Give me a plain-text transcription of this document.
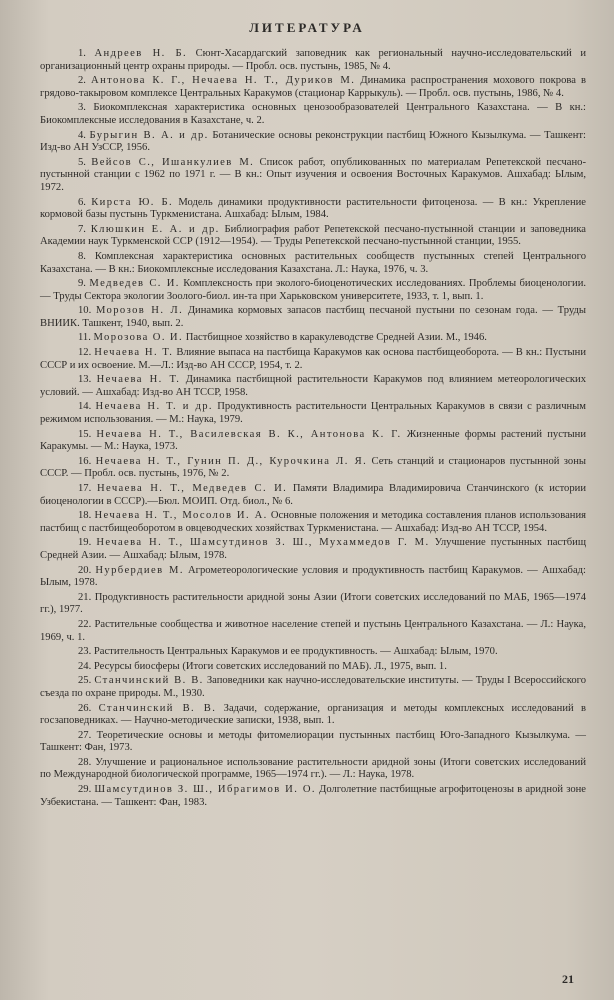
ЛИТЕРАТУРА
1. Андреев Н. Б. Сюнт-Хасардагский заповедник как региональный научно-исследовательский и организационный центр охраны природы. — Пробл. осв. пустынь, 1985, № 4.
2. Антонова К. Г., Нечаева Н. Т., Дуриков М. Динамика распространения мохового покрова в грядово-такыровом комплексе Центральных Каракумов (стационар Каррыкуль). — Пробл. осв. пустынь, 1986, № 4.
3. Биокомплексная характеристика основных ценозообразователей Центрального Казахстана. — В кн.: Биокомплексные исследования в Казахстане, ч. 2.
4. Бурыгин В. А. и др. Ботанические основы реконструкции пастбищ Южного Кызылкума. — Ташкент: Изд-во АН УзССР, 1956.
5. Вейсов С., Ишанкулиев М. Список работ, опубликованных по материалам Репетекской песчано-пустынной станции с 1962 по 1971 г. — В кн.: Опыт изучения и освоения Восточных Каракумов. Ашхабад: Ылым, 1972.
6. Кирста Ю. Б. Модель динамики продуктивности растительности фитоценоза. — В кн.: Укрепление кормовой базы пустынь Туркменистана. Ашхабад: Ылым, 1984.
7. Клюшкин Е. А. и др. Библиография работ Репетекской песчано-пустынной станции и заповедника Академии наук Туркменской ССР (1912—1954). — Труды Репетекской песчано-пустынной станции, 1955.
8. Комплексная характеристика основных растительных сообществ пустынных степей Центрального Казахстана. — В кн.: Биокомплексные исследования Казахстана. Л.: Наука, 1976, ч. 3.
9. Медведев С. И. Комплексность при эколого-биоценотических исследованиях. Проблемы биоценологии. — Труды Сектора экологии Зоолого-биол. ин-та при Харьковском университете, 1933, т. 1, вып. 1.
10. Морозов Н. Л. Динамика кормовых запасов пастбищ песчаной пустыни по сезонам года. — Труды ВНИИК. Ташкент, 1940, вып. 2.
11. Морозова О. И. Пастбищное хозяйство в каракулеводстве Средней Азии. М., 1946.
12. Нечаева Н. Т. Влияние выпаса на пастбища Каракумов как основа пастбищеоборота. — В кн.: Пустыни СССР и их освоение. М.—Л.: Изд-во АН СССР, 1954, т. 2.
13. Нечаева Н. Т. Динамика пастбищной растительности Каракумов под влиянием метеорологических условий. — Ашхабад: Изд-во АН ТССР, 1958.
14. Нечаева Н. Т. и др. Продуктивность растительности Центральных Каракумов в связи с различным режимом использования. — М.: Наука, 1979.
15. Нечаева Н. Т., Василевская В. К., Антонова К. Г. Жизненные формы растений пустыни Каракумы. — М.: Наука, 1973.
16. Нечаева Н. Т., Гунин П. Д., Курочкина Л. Я. Сеть станций и стационаров пустынной зоны СССР. — Пробл. осв. пустынь, 1976, № 2.
17. Нечаева Н. Т., Медведев С. И. Памяти Владимира Владимировича Станчинского (к истории биоценологии в СССР).—Бюл. МОИП. Отд. биол., № 6.
18. Нечаева Н. Т., Мосолов И. А. Основные положения и методика составления планов использования пастбищ с пастбищеоборотом в овцеводческих хозяйствах Туркменистана. — Ашхабад: Изд-во АН ТССР, 1954.
19. Нечаева Н. Т., Шамсутдинов З. Ш., Мухаммедов Г. М. Улучшение пустынных пастбищ Средней Азии. — Ашхабад: Ылым, 1978.
20. Нурбердиев М. Агрометеорологические условия и продуктивность пастбищ Каракумов. — Ашхабад: Ылым, 1978.
21. Продуктивность растительности аридной зоны Азии (Итоги советских исследований по МАБ, 1965—1974 гг.), 1977.
22. Растительные сообщества и животное население степей и пустынь Центрального Казахстана. — Л.: Наука, 1969, ч. 1.
23. Растительность Центральных Каракумов и ее продуктивность. — Ашхабад: Ылым, 1970.
24. Ресурсы биосферы (Итоги советских исследований по МАБ). Л., 1975, вып. 1.
25. Станчинский В. В. Заповедники как научно-исследовательские институты. — Труды I Всероссийского съезда по охране природы. М., 1930.
26. Станчинский В. В. Задачи, содержание, организация и методы комплексных исследований в госзаповедниках. — Научно-методические записки, 1938, вып. 1.
27. Теоретические основы и методы фитомелиорации пустынных пастбищ Юго-Западного Кызылкума. — Ташкент: Фан, 1973.
28. Улучшение и рациональное использование растительности аридной зоны (Итоги советских исследований по Международной биологической программе, 1965—1974 гг.). — Л.: Наука, 1978.
29. Шамсутдинов З. Ш., Ибрагимов И. О. Долголетние пастбищные агрофитоценозы в аридной зоне Узбекистана. — Ташкент: Фан, 1983.
21
